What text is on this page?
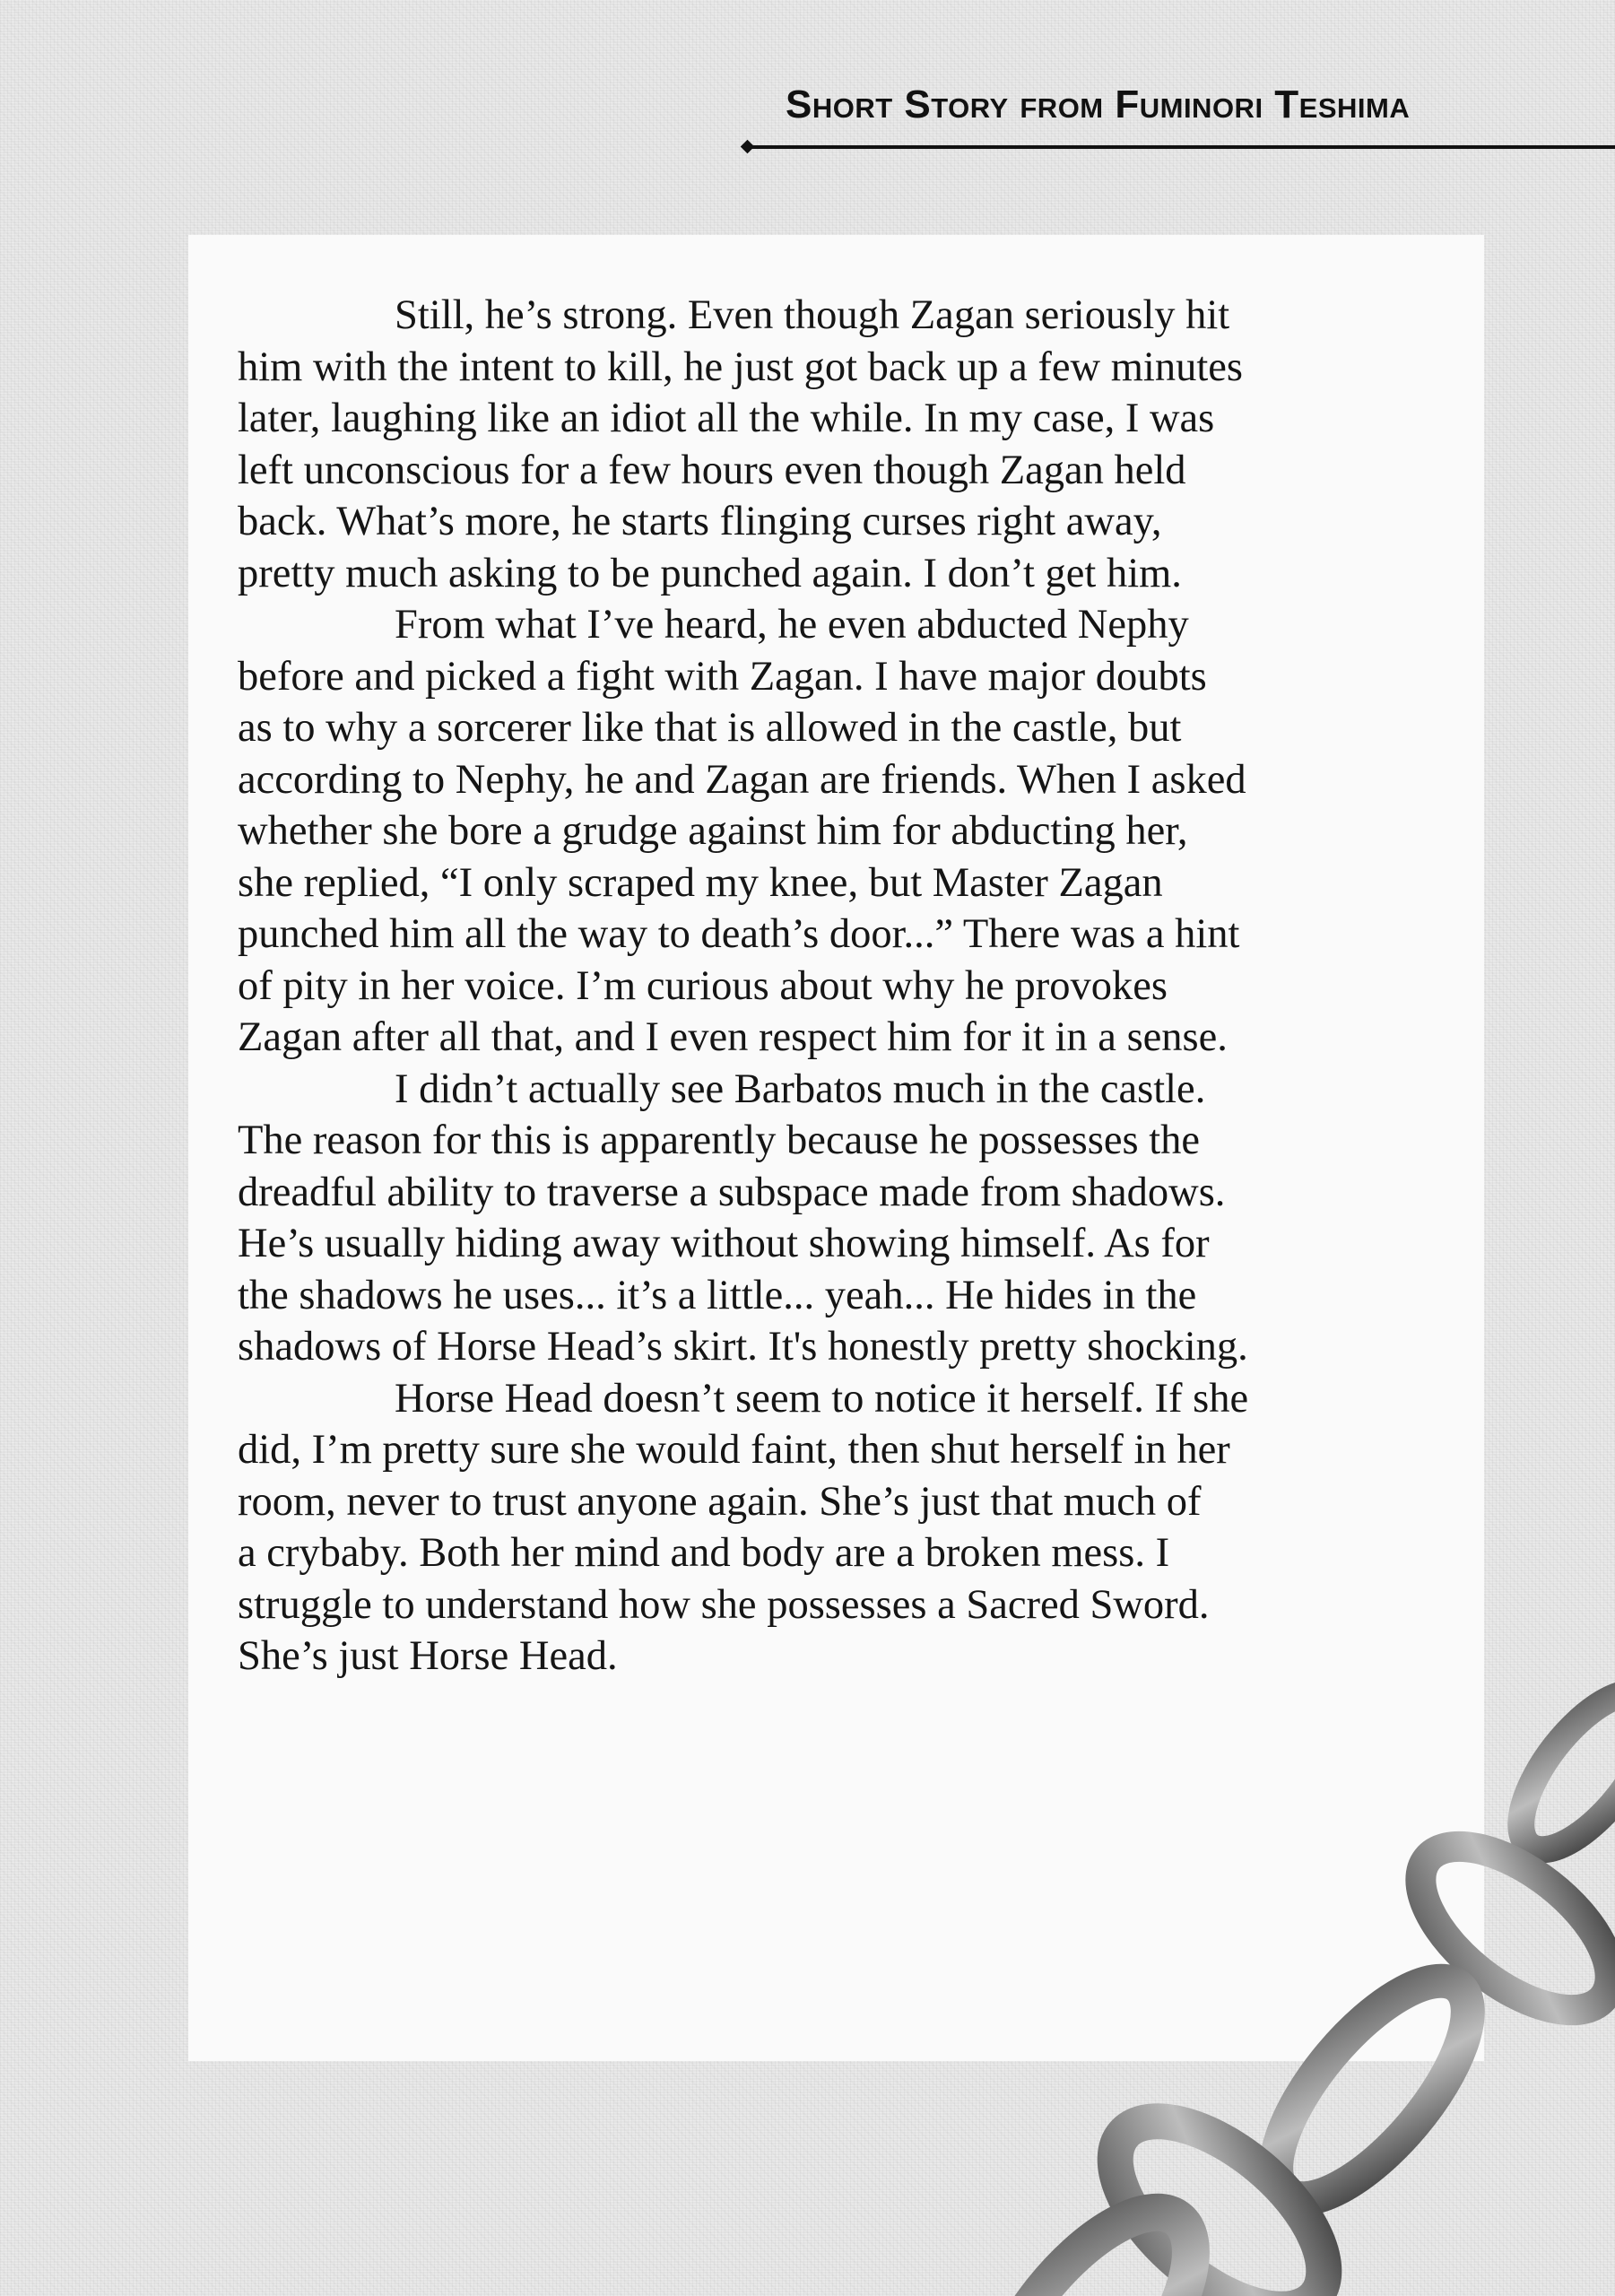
Short Story from Fuminori Teshima
Still, he’s strong. Even though Zagan seriously hit
him with the intent to kill, he just got back up a few minutes
later, laughing like an idiot all the while. In my case, I was
left unconscious for a few hours even though Zagan held
back. What’s more, he starts flinging curses right away,
pretty much asking to be punched again. I don’t get him.
From what I’ve heard, he even abducted Nephy
before and picked a fight with Zagan. I have major doubts
as to why a sorcerer like that is allowed in the castle, but
according to Nephy, he and Zagan are friends. When I asked
whether she bore a grudge against him for abducting her,
she replied, “I only scraped my knee, but Master Zagan
punched him all the way to death’s door...” There was a hint
of pity in her voice. I’m curious about why he provokes
Zagan after all that, and I even respect him for it in a sense.
I didn’t actually see Barbatos much in the castle.
The reason for this is apparently because he possesses the
dreadful ability to traverse a subspace made from shadows.
He’s usually hiding away without showing himself. As for
the shadows he uses... it’s a little... yeah... He hides in the
shadows of Horse Head’s skirt. It's honestly pretty shocking.
Horse Head doesn’t seem to notice it herself. If she
did, I’m pretty sure she would faint, then shut herself in her
room, never to trust anyone again. She’s just that much of
a crybaby. Both her mind and body are a broken mess. I
struggle to understand how she possesses a Sacred Sword.
She’s just Horse Head.
